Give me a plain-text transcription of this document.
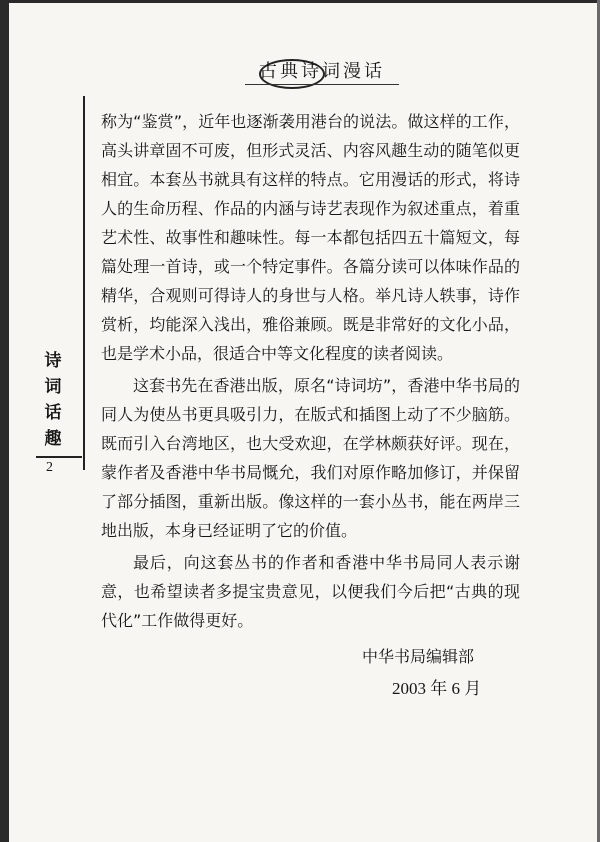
古典诗词漫话
诗
词
话
趣
2

称为“鉴赏”，近年也逐渐袭用港台的说法。做这样的工作，高头讲章固不可废，但形式灵活、内容风趣生动的随笔似更相宜。本套丛书就具有这样的特点。它用漫话的形式，将诗人的生命历程、作品的内涵与诗艺表现作为叙述重点，着重艺术性、故事性和趣味性。每一本都包括四五十篇短文，每篇处理一首诗，或一个特定事件。各篇分读可以体味作品的精华，合观则可得诗人的身世与人格。举凡诗人轶事，诗作赏析，均能深入浅出，雅俗兼顾。既是非常好的文化小品，也是学术小品，很适合中等文化程度的读者阅读。

这套书先在香港出版，原名“诗词坊”，香港中华书局的同人为使丛书更具吸引力，在版式和插图上动了不少脑筋。既而引入台湾地区，也大受欢迎，在学林颇获好评。现在，蒙作者及香港中华书局慨允，我们对原作略加修订，并保留了部分插图，重新出版。像这样的一套小丛书，能在两岸三地出版，本身已经证明了它的价值。

最后，向这套丛书的作者和香港中华书局同人表示谢意，也希望读者多提宝贵意见，以便我们今后把“古典的现代化”工作做得更好。

中华书局编辑部
2003 年 6 月
